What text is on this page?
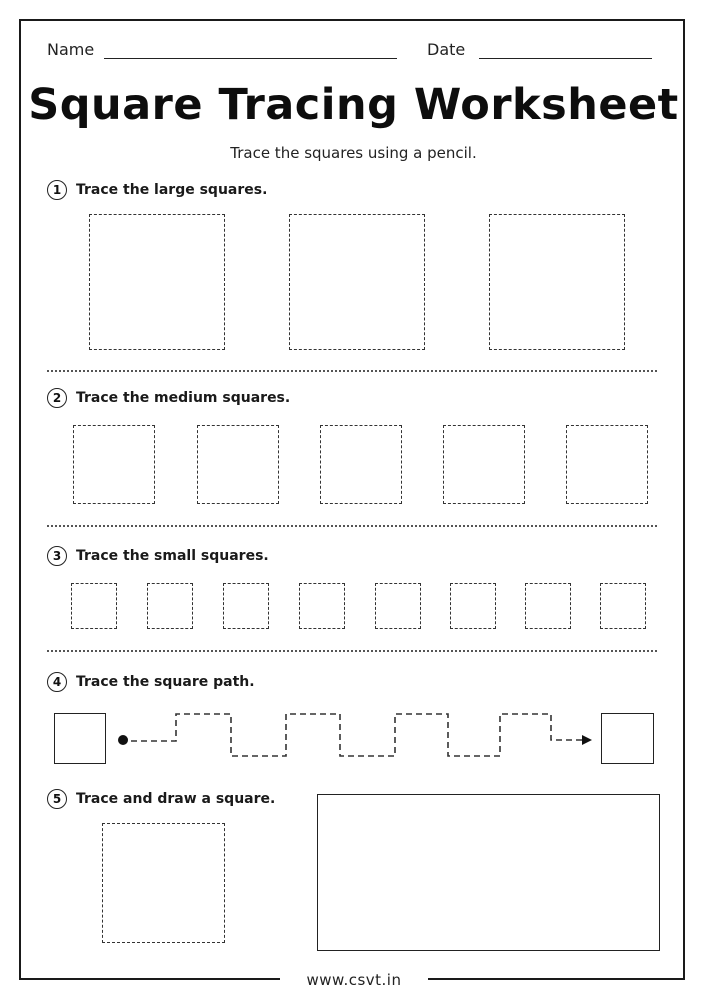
Name	Date
Square Tracing Worksheet
Trace the squares using a pencil.
1	Trace the large squares.
2	Trace the medium squares.
3	Trace the small squares.
4	Trace the square path.
5	Trace and draw a square.
www.csvt.in
